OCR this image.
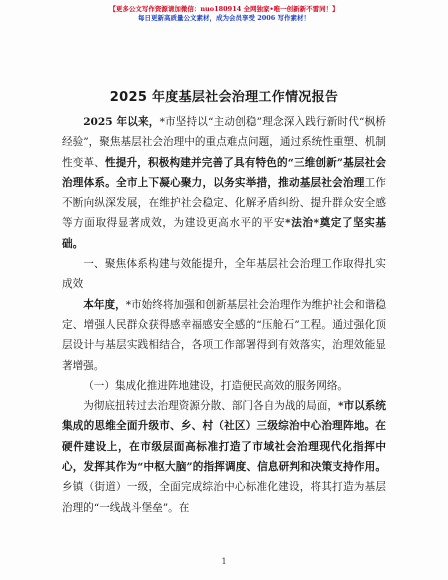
【更多公文写作资源请加微信：nuo180914 全网独家•唯一创新新不雷同！】
每日更新高质量公文素材，成为会员享受 2006 写作素材！
2025 年度基层社会治理工作情况报告

2025 年以来，*市坚持以“主动创稳”理念深入践行新时代“枫桥经验”，聚焦基层社会治理中的重点难点问题，通过系统性重塑、机制性变革、性提升，积极构建并完善了具有特色的“三维创新”基层社会治理体系。全市上下凝心聚力，以务实举措，推动基层社会治理工作不断向纵深发展，在维护社会稳定、化解矛盾纠纷、提升群众安全感等方面取得显著成效，为建设更高水平的平安*法治*奠定了坚实基础。

一、聚焦体系构建与效能提升，全年基层社会治理工作取得扎实成效

本年度，*市始终将加强和创新基层社会治理作为维护社会和谐稳定、增强人民群众获得感幸福感安全感的“压舱石”工程。通过强化顶层设计与基层实践相结合，各项工作部署得到有效落实，治理效能显著增强。

（一）集成化推进阵地建设，打造便民高效的服务网络。

为彻底扭转过去治理资源分散、部门各自为战的局面，*市以系统集成的思维全面升级市、乡、村（社区）三级综治中心治理阵地。在硬件建设上，在市级层面高标准打造了市域社会治理现代化指挥中心，发挥其作为“中枢大脑”的指挥调度、信息研判和决策支持作用。乡镇（街道）一级，全面完成综治中心标准化建设，将其打造为基层治理的“一线战斗堡垒”。在

1
